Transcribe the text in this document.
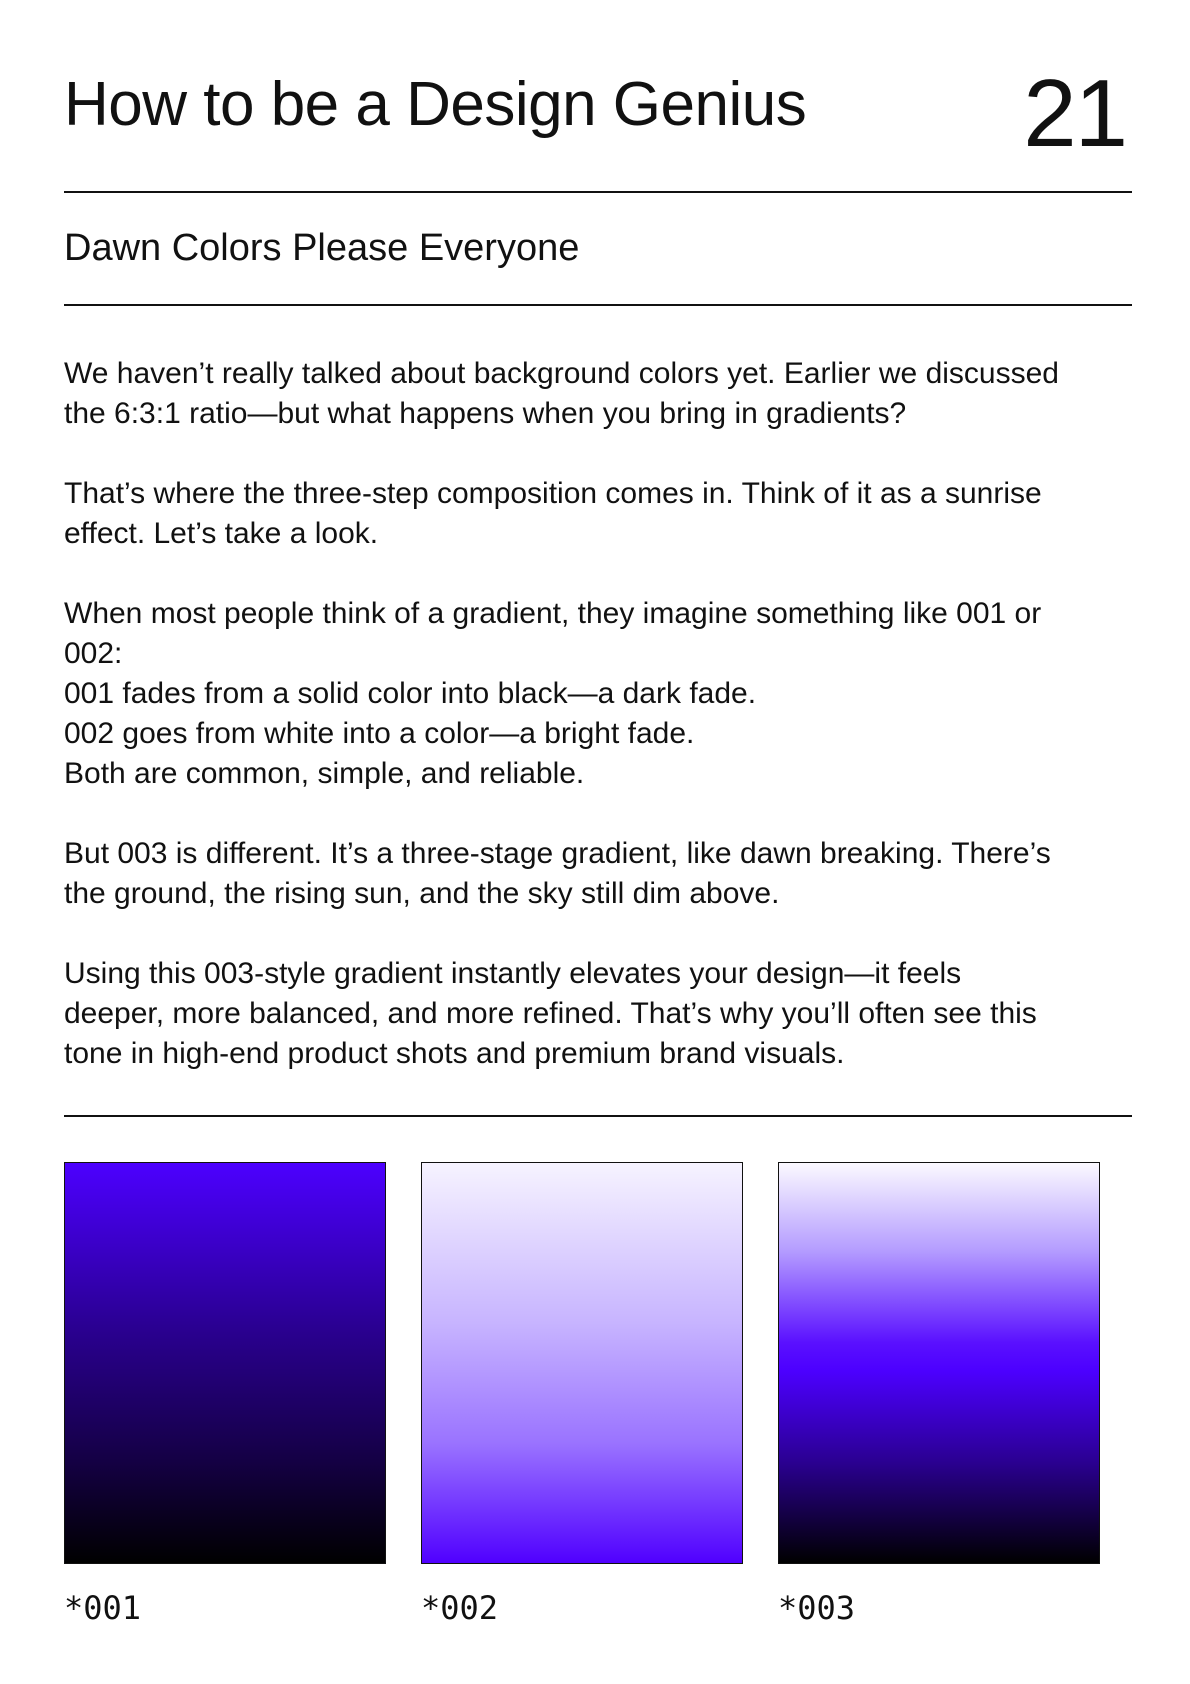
How to be a Design Genius 21
Dawn Colors Please Everyone

We haven’t really talked about background colors yet. Earlier we discussed
the 6:3:1 ratio—but what happens when you bring in gradients?

That’s where the three-step composition comes in. Think of it as a sunrise
effect. Let’s take a look.

When most people think of a gradient, they imagine something like 001 or
002:
001 fades from a solid color into black—a dark fade.
002 goes from white into a color—a bright fade.
Both are common, simple, and reliable.

But 003 is different. It’s a three-stage gradient, like dawn breaking. There’s
the ground, the rising sun, and the sky still dim above.

Using this 003-style gradient instantly elevates your design—it feels
deeper, more balanced, and more refined. That’s why you’ll often see this
tone in high-end product shots and premium brand visuals.

*001	*002	*003
